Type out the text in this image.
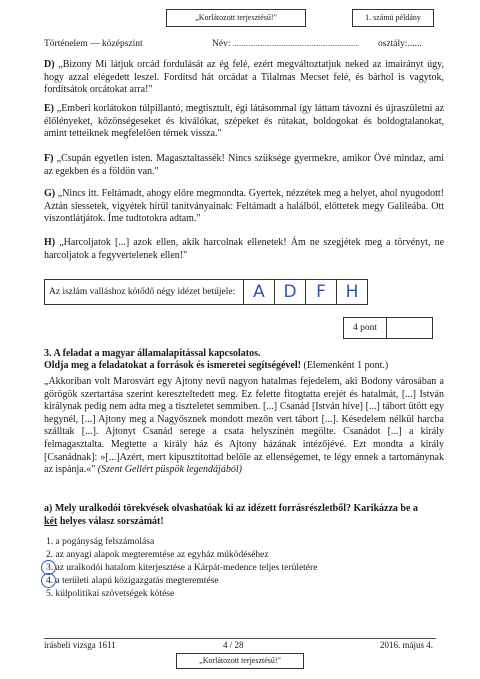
„Korlátozott terjesztésű!"	1. számú példány
Történelem — középszint	Név: ........................................................................ osztály:......

D) „Bizony Mi látjuk orcád fordulását az ég felé, ezért megváltoztatjuk neked az imairányt úgy, hogy azzal elégedett leszel. Fordítsd hát orcádat a Tilalmas Mecset felé, és bárhol is vagytok, fordítsátok orcátokat arra!"

E) „Emberi korlátokon túlpillantó, megtisztult, égi látásommal így láttam távozni és újraszületni az élőlényeket, közönségeseket és kiválókat, szépeket és rútakat, boldogokat és boldogtalanokat, amint tetteiknek megfelelően térnek vissza."

F) „Csupán egyetlen isten. Magasztaltassék! Nincs szüksége gyermekre, amikor Övé mindaz, ami az egekben és a földön van."

G) „Nincs itt. Feltámadt, ahogy előre megmondta. Gyertek, nézzétek meg a helyet, ahol nyugodott! Aztán siessetek, vigyétek hírül tanítványainak: Feltámadt a halálból, előttetek megy Galileába. Ott viszontlátjátok. Íme tudtotokra adtam."

H) „Harcoljatok [...] azok ellen, akik harcolnak ellenetek! Ám ne szegjétek meg a törvényt, ne harcoljatok a fegyvertelenek ellen!"

Az iszlám valláshoz kötődő négy idézet betűjele:	A	D	F	H
4 pont
3. A feladat a magyar államalapítással kapcsolatos.
Oldja meg a feladatokat a források és ismeretei segítségével! (Elemenként 1 pont.)

„Akkoriban volt Marosvárt egy Ajtony nevű nagyon hatalmas fejedelem, aki Bodony városában a görögök szertartása szerint kereszteltedett meg. Ez felette fitogtatta erejét és hatalmát, [...] István királynak pedig nem adta meg a tiszteletet semmiben. [...] Csanád [István híve] [...] tábort ütött egy hegynél, [...] Ajtony meg a Nagyősznek mondott mezőn vert tábort [...]. Késedelem nélkül harcba szálltak [...]. Ajtonyt Csanád serege a csata helyszínén megölte. Csanádot [...] a király felmagasztalta. Megtette a király ház és Ajtony házának intézőjévé. Ezt mondta a király [Csanádnak]: »[...]Azért, mert kipusztítottad belőle az ellenségemet, te légy ennek a tartománynak az ispánja.«" (Szent Gellért püspök legendájából)

a) Mely uralkodói törekvések olvashatóak ki az idézett forrásrészletből? Karikázza be a
két helyes válasz sorszámát!
1. a pogányság felszámolása
2. az anyagi alapok megteremtése az egyház működéséhez
3. az uralkodói hatalom kiterjesztése a Kárpát-medence teljes területére
4. a területi alapú közigazgatás megteremtése
5. külpolitikai szövetségek kötése
írásbeli vizsga 1611	4 / 28	2016. május 4.
„Korlátozott terjesztésű!"
